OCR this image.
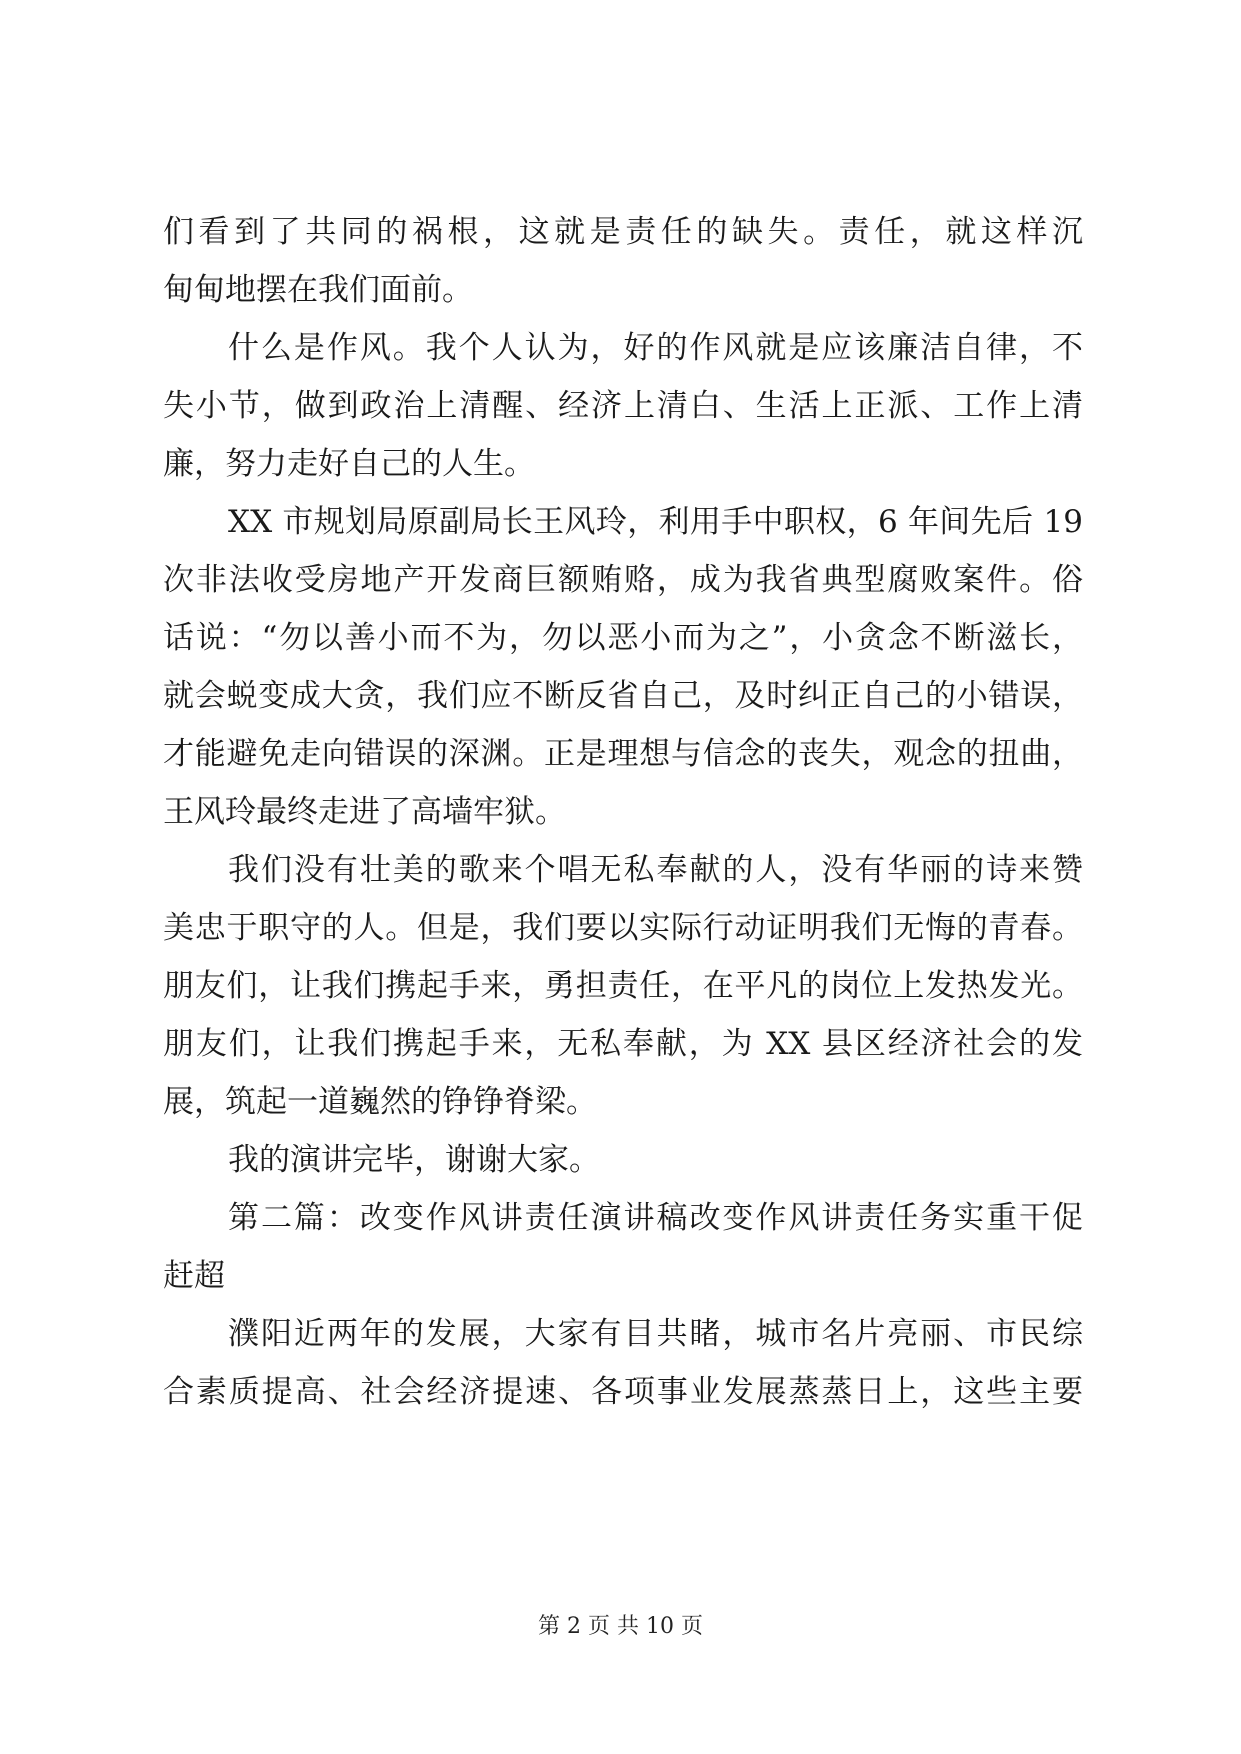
们看到了共同的祸根，这就是责任的缺失。责任，就这样沉
甸甸地摆在我们面前。
什么是作风。我个人认为，好的作风就是应该廉洁自律，不
失小节，做到政治上清醒、经济上清白、生活上正派、工作上清
廉，努力走好自己的人生。
XX 市规划局原副局长王风玲，利用手中职权，6 年间先后 19
次非法收受房地产开发商巨额贿赂，成为我省典型腐败案件。俗
话说：“勿以善小而不为，勿以恶小而为之”，小贪念不断滋长，
就会蜕变成大贪，我们应不断反省自己，及时纠正自己的小错误，
才能避免走向错误的深渊。正是理想与信念的丧失，观念的扭曲，
王风玲最终走进了高墙牢狱。
我们没有壮美的歌来个唱无私奉献的人，没有华丽的诗来赞
美忠于职守的人。但是，我们要以实际行动证明我们无悔的青春。
朋友们，让我们携起手来，勇担责任，在平凡的岗位上发热发光。
朋友们，让我们携起手来，无私奉献，为 XX 县区经济社会的发
展，筑起一道巍然的铮铮脊梁。
我的演讲完毕，谢谢大家。
第二篇：改变作风讲责任演讲稿改变作风讲责任务实重干促
赶超
濮阳近两年的发展，大家有目共睹，城市名片亮丽、市民综
合素质提高、社会经济提速、各项事业发展蒸蒸日上，这些主要
第 2 页 共 10 页
